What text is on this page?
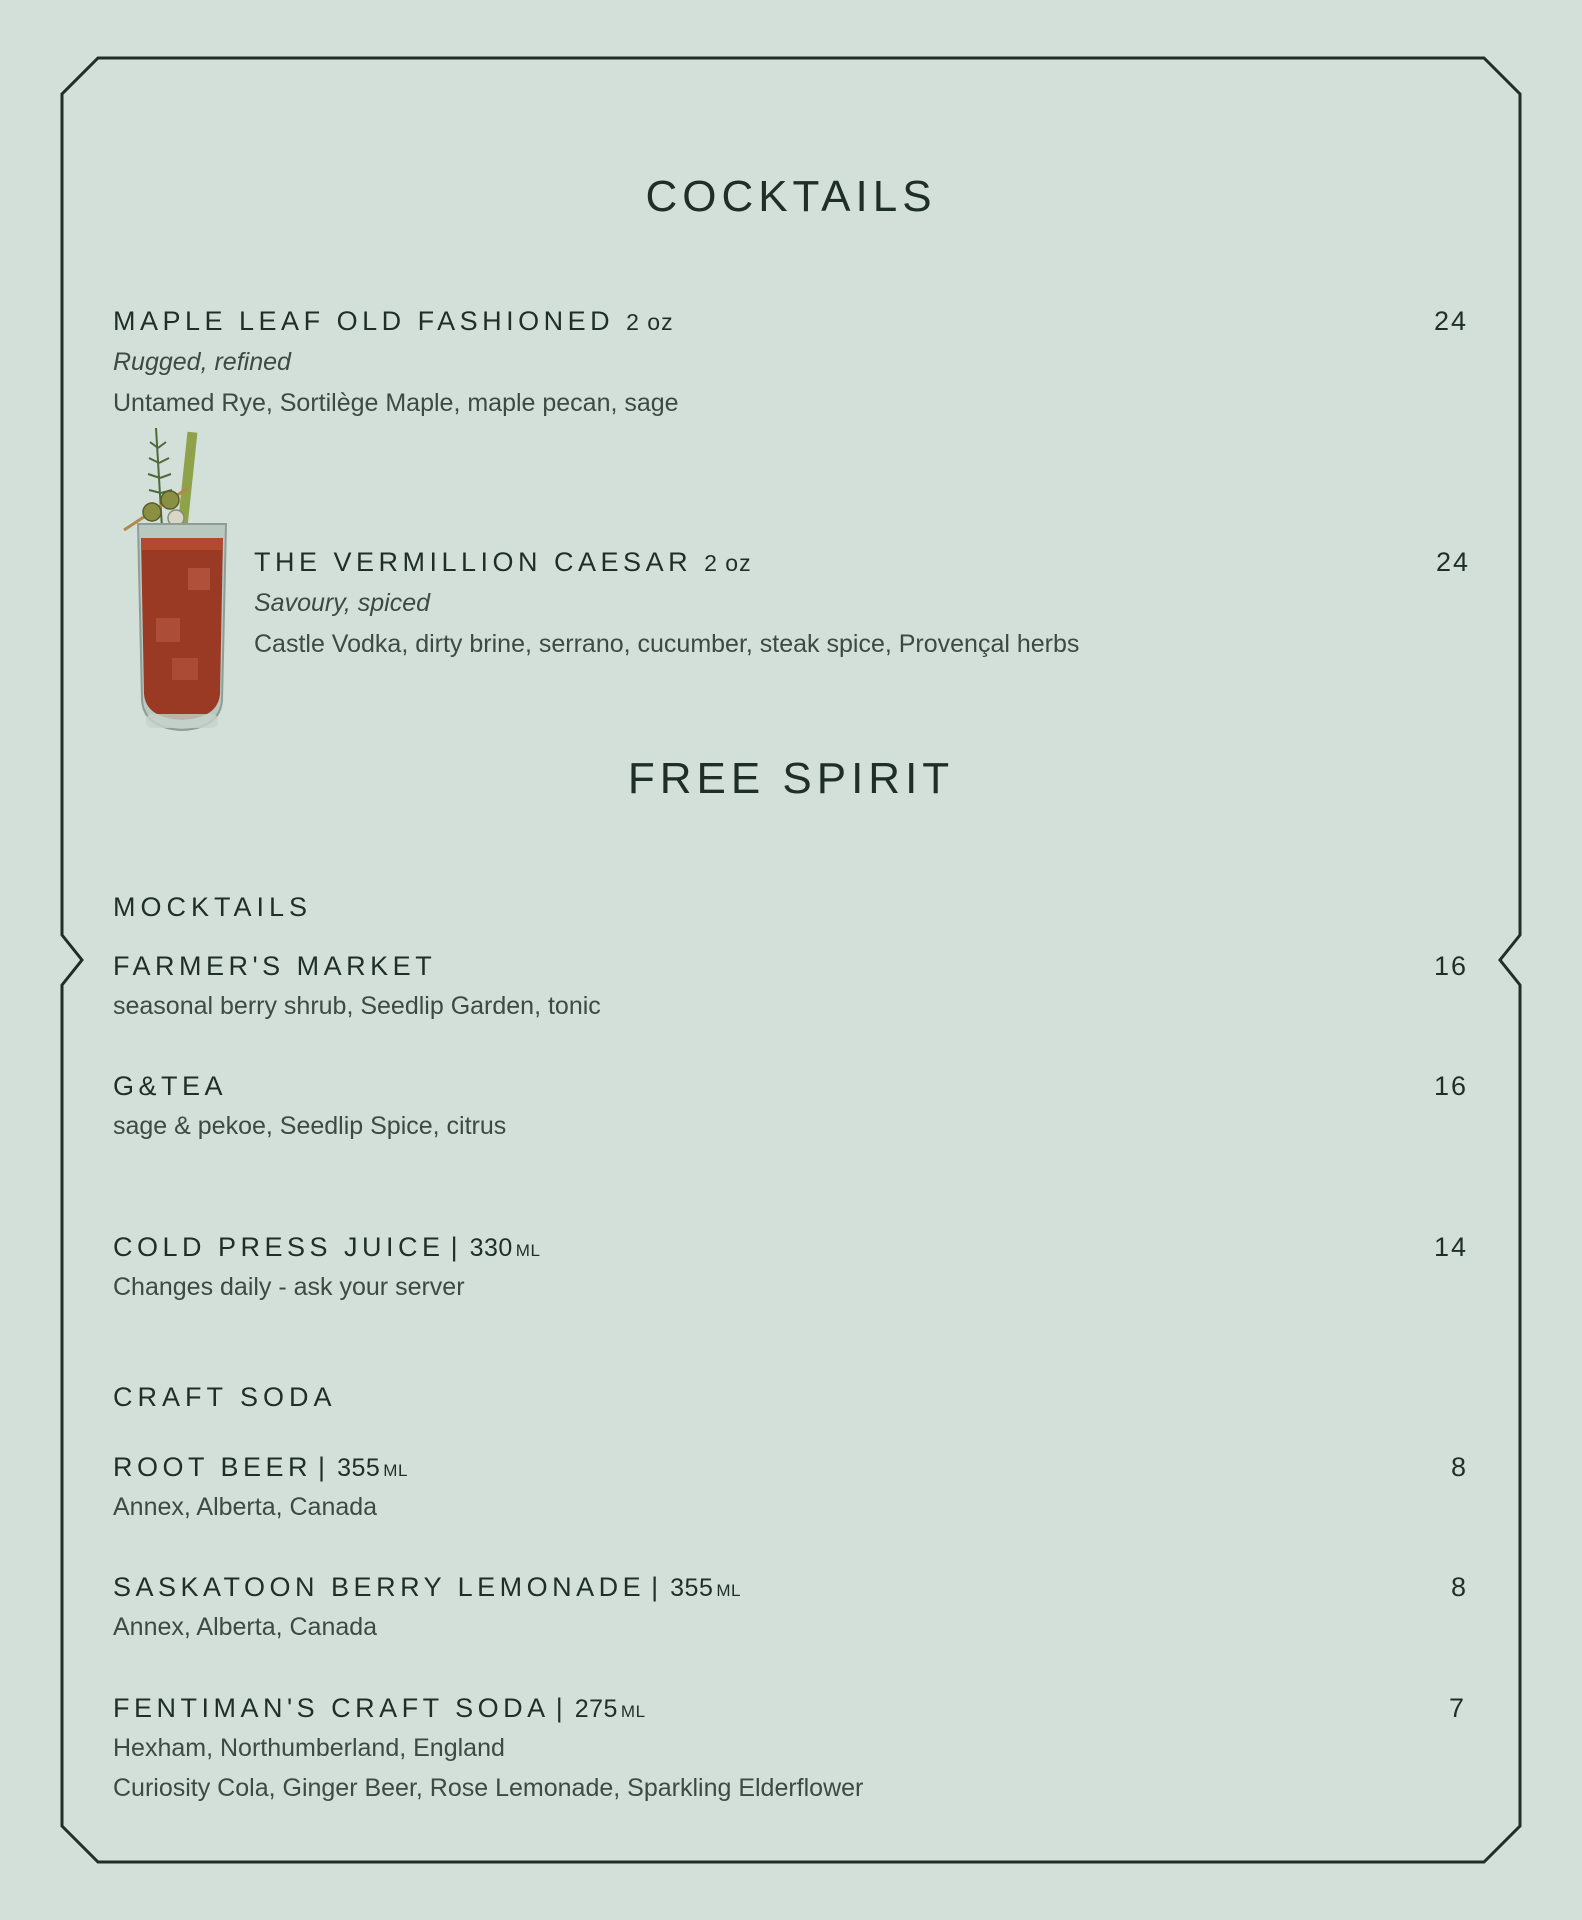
COCKTAILS
MAPLE LEAF OLD FASHIONED 2 oz	24
Rugged, refined
Untamed Rye, Sortilège Maple, maple pecan, sage
THE VERMILLION CAESAR 2 oz	24
Savoury, spiced
Castle Vodka, dirty brine, serrano, cucumber, steak spice, Provençal herbs
FREE SPIRIT
MOCKTAILS
FARMER'S MARKET	16
seasonal berry shrub, Seedlip Garden, tonic
G&TEA	16
sage & pekoe, Seedlip Spice, citrus
COLD PRESS JUICE | 330 ML	14
Changes daily - ask your server
CRAFT SODA
ROOT BEER | 355 ML	8
Annex, Alberta, Canada
SASKATOON BERRY LEMONADE | 355 ML	8
Annex, Alberta, Canada
FENTIMAN'S CRAFT SODA | 275 ML	7
Hexham, Northumberland, England
Curiosity Cola, Ginger Beer, Rose Lemonade, Sparkling Elderflower
